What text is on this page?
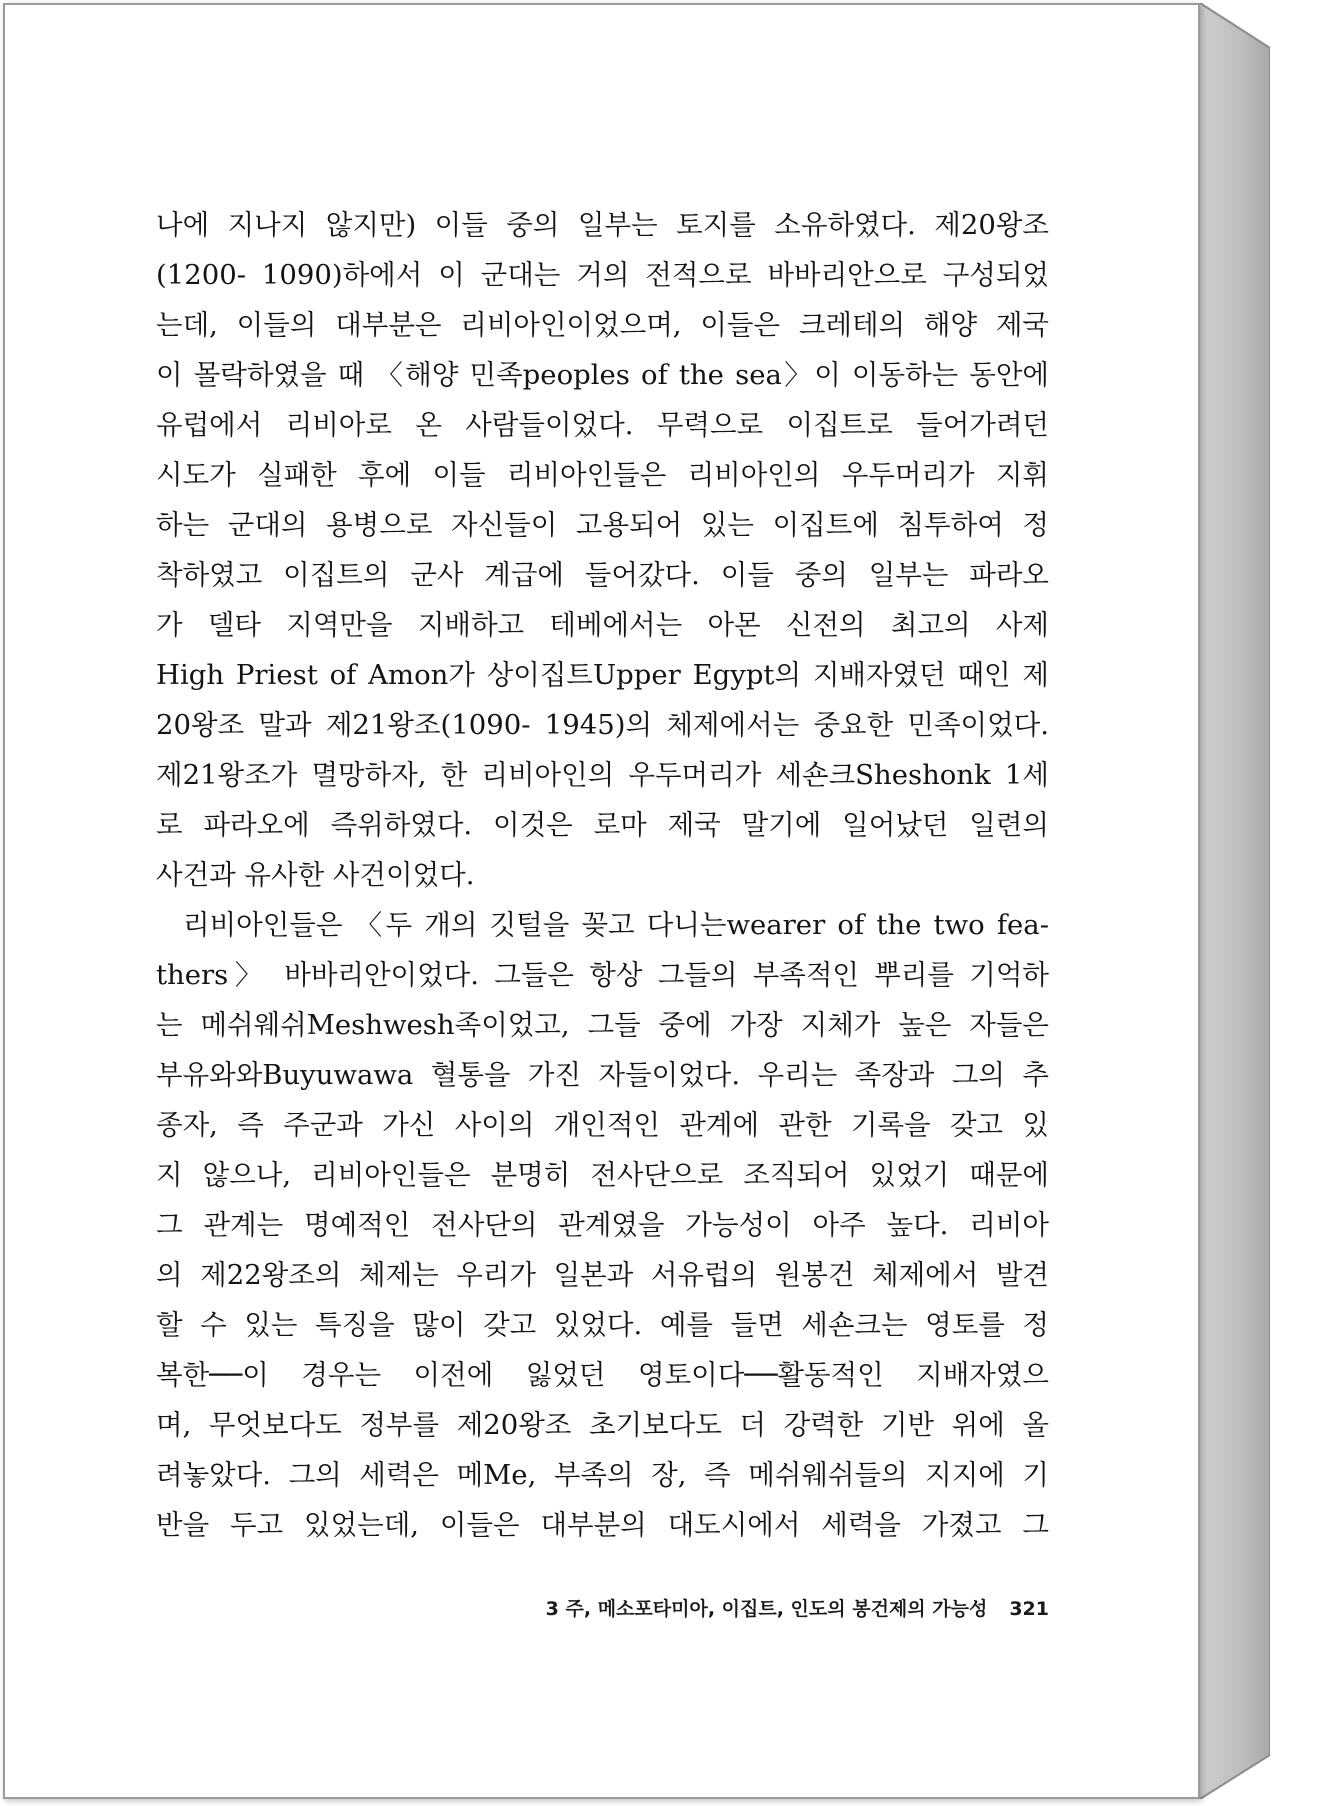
나에 지나지 않지만) 이들 중의 일부는 토지를 소유하였다. 제20왕조
(1200- 1090)하에서 이 군대는 거의 전적으로 바바리안으로 구성되었
는데, 이들의 대부분은 리비아인이었으며, 이들은 크레테의 해양 제국
이 몰락하였을 때 〈해양 민족peoples of the sea〉이 이동하는 동안에
유럽에서 리비아로 온 사람들이었다. 무력으로 이집트로 들어가려던
시도가 실패한 후에 이들 리비아인들은 리비아인의 우두머리가 지휘
하는 군대의 용병으로 자신들이 고용되어 있는 이집트에 침투하여 정
착하였고 이집트의 군사 계급에 들어갔다. 이들 중의 일부는 파라오
가 델타 지역만을 지배하고 테베에서는 아몬 신전의 최고의 사제
High Priest of Amon가 상이집트Upper Egypt의 지배자였던 때인 제
20왕조 말과 제21왕조(1090- 1945)의 체제에서는 중요한 민족이었다.
제21왕조가 멸망하자, 한 리비아인의 우두머리가 세숀크Sheshonk 1세
로 파라오에 즉위하였다. 이것은 로마 제국 말기에 일어났던 일련의
사건과 유사한 사건이었다.
리비아인들은 〈두 개의 깃털을 꽂고 다니는wearer of the two fea-
thers〉 바바리안이었다. 그들은 항상 그들의 부족적인 뿌리를 기억하
는 메쉬웨쉬Meshwesh족이었고, 그들 중에 가장 지체가 높은 자들은
부유와와Buyuwawa 혈통을 가진 자들이었다. 우리는 족장과 그의 추
종자, 즉 주군과 가신 사이의 개인적인 관계에 관한 기록을 갖고 있
지 않으나, 리비아인들은 분명히 전사단으로 조직되어 있었기 때문에
그 관계는 명예적인 전사단의 관계였을 가능성이 아주 높다. 리비아
의 제22왕조의 체제는 우리가 일본과 서유럽의 원봉건 체제에서 발견
할 수 있는 특징을 많이 갖고 있었다. 예를 들면 세숀크는 영토를 정
복한──이 경우는 이전에 잃었던 영토이다──활동적인 지배자였으
며, 무엇보다도 정부를 제20왕조 초기보다도 더 강력한 기반 위에 올
려놓았다. 그의 세력은 메Me, 부족의 장, 즉 메쉬웨쉬들의 지지에 기
반을 두고 있었는데, 이들은 대부분의 대도시에서 세력을 가졌고 그
3 주, 메소포타미아, 이집트, 인도의 봉건제의 가능성 321
